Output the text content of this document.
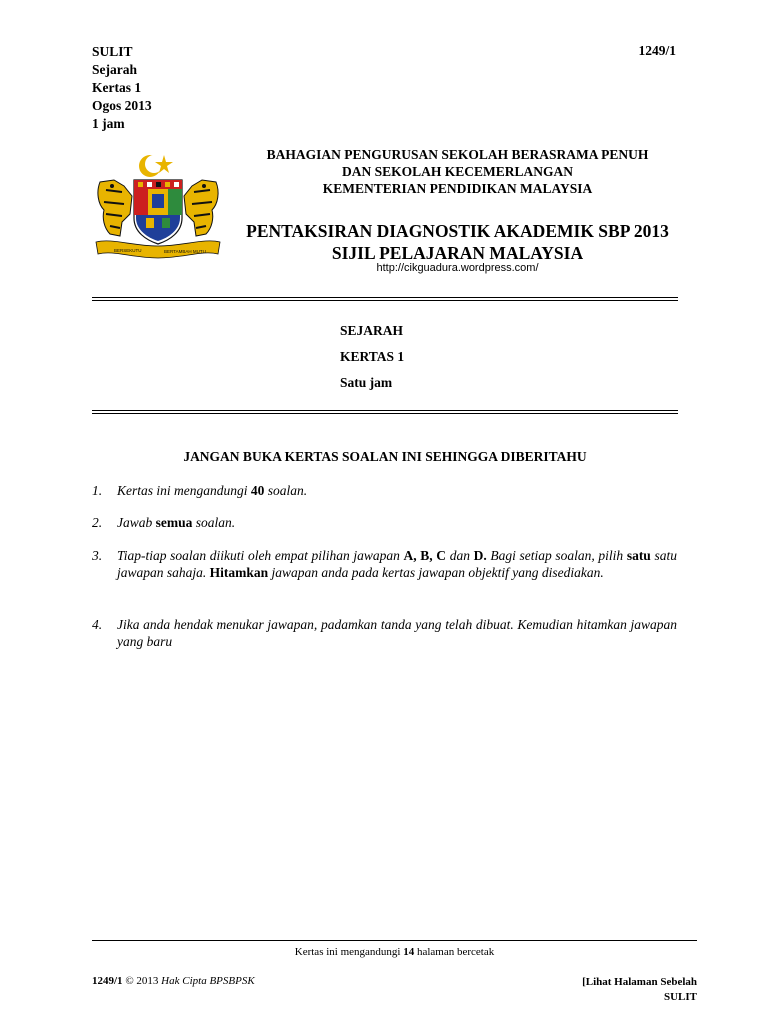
SULIT
Sejarah
Kertas 1
Ogos 2013
1 jam
1249/1
BERSEKUTU	BERTAMBAH MUTU
BAHAGIAN PENGURUSAN SEKOLAH BERASRAMA PENUH
DAN SEKOLAH KECEMERLANGAN
KEMENTERIAN PENDIDIKAN MALAYSIA
PENTAKSIRAN DIAGNOSTIK AKADEMIK SBP 2013
SIJIL PELAJARAN MALAYSIA
http://cikguadura.wordpress.com/
SEJARAH
KERTAS 1
Satu jam
JANGAN BUKA KERTAS SOALAN INI SEHINGGA DIBERITAHU
1. Kertas ini mengandungi 40 soalan.
2. Jawab semua soalan.
3. Tiap-tiap soalan diikuti oleh empat pilihan jawapan A, B, C dan D. Bagi setiap soalan, pilih satu satu jawapan sahaja. Hitamkan jawapan anda pada kertas jawapan objektif yang disediakan.
4. Jika anda hendak menukar jawapan, padamkan tanda yang telah dibuat. Kemudian hitamkan jawapan yang baru
Kertas ini mengandungi 14 halaman bercetak
1249/1 © 2013 Hak Cipta BPSBPSK	[Lihat Halaman Sebelah
SULIT
